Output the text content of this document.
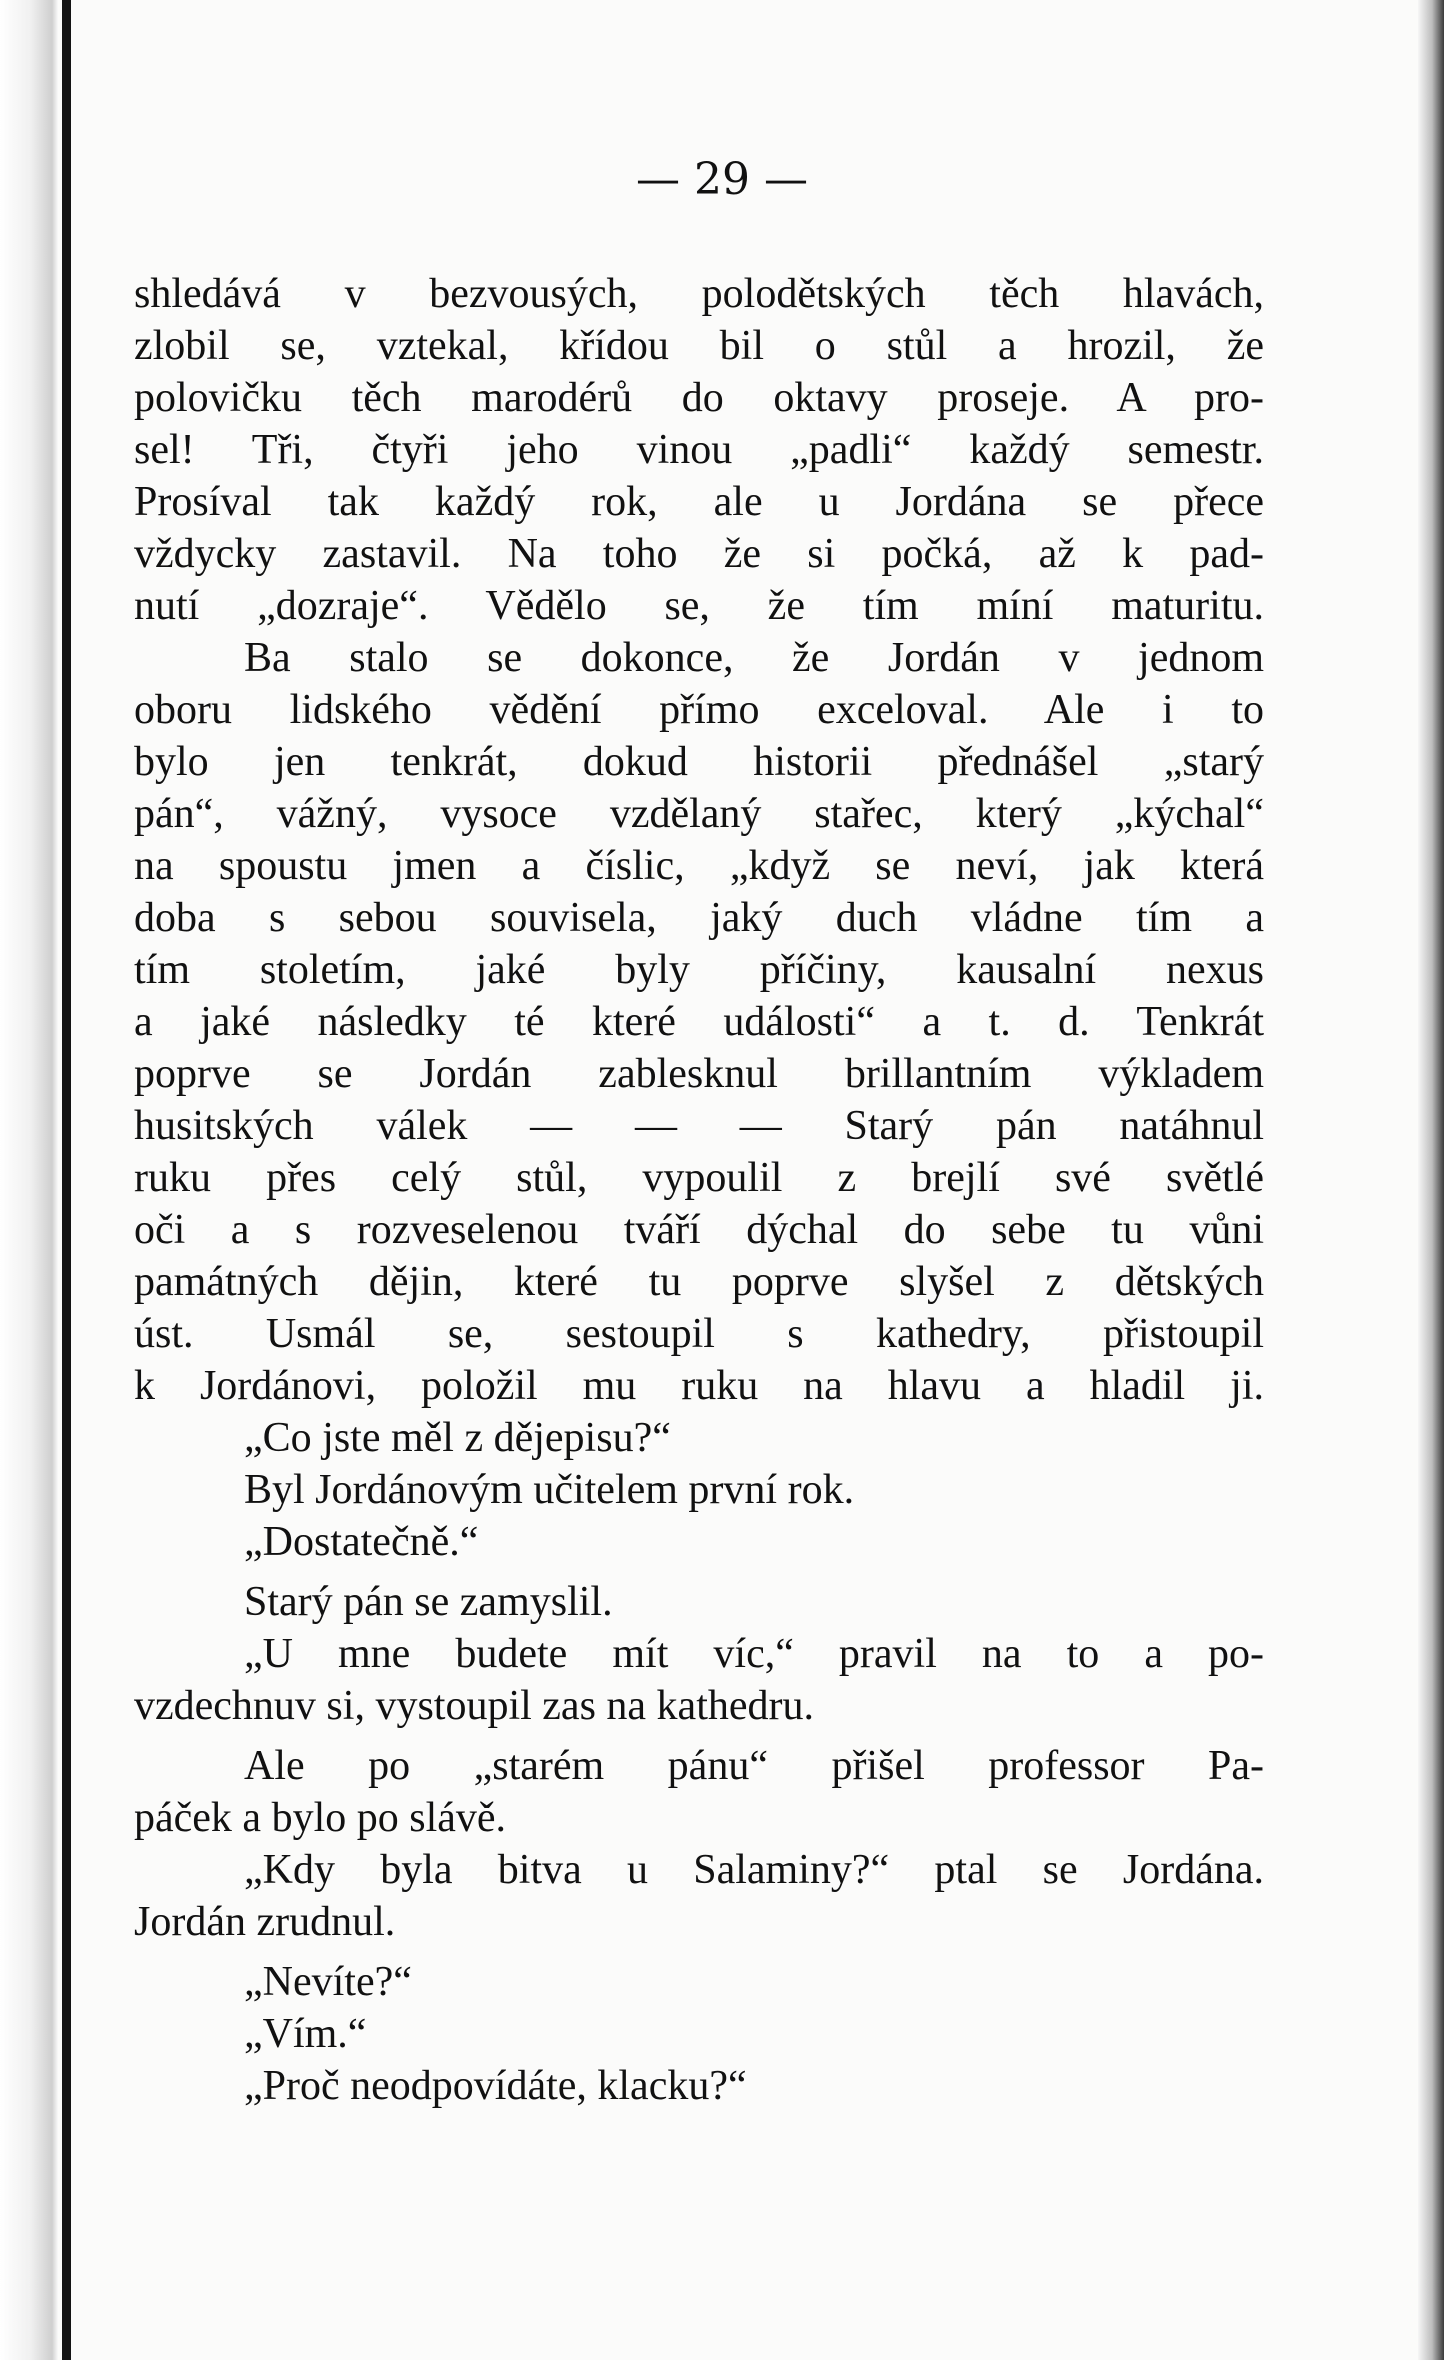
— 29 —
shledává v bezvousých, polodětských těch hlavách,
zlobil se, vztekal, křídou bil o stůl a hrozil, že
polovičku těch marodérů do oktavy proseje. A pro-
sel! Tři, čtyři jeho vinou „padli“ každý semestr.
Prosíval tak každý rok, ale u Jordána se přece
vždycky zastavil. Na toho že si počká, až k pad-
nutí „dozraje“. Vědělo se, že tím míní maturitu.
Ba stalo se dokonce, že Jordán v jednom
oboru lidského vědění přímo exceloval. Ale i to
bylo jen tenkrát, dokud historii přednášel „starý
pán“, vážný, vysoce vzdělaný stařec, který „kýchal“
na spoustu jmen a číslic, „když se neví, jak která
doba s sebou souvisela, jaký duch vládne tím a
tím stoletím, jaké byly příčiny, kausalní nexus
a jaké následky té které události“ a t. d. Tenkrát
poprve se Jordán zablesknul brillantním výkladem
husitských válek — — — Starý pán natáhnul
ruku přes celý stůl, vypoulil z brejlí své světlé
oči a s rozveselenou tváří dýchal do sebe tu vůni
památných dějin, které tu poprve slyšel z dětských
úst. Usmál se, sestoupil s kathedry, přistoupil
k Jordánovi, položil mu ruku na hlavu a hladil ji.
„Co jste měl z dějepisu?“
Byl Jordánovým učitelem první rok.
„Dostatečně.“
Starý pán se zamyslil.
„U mne budete mít víc,“ pravil na to a po-
vzdechnuv si, vystoupil zas na kathedru.
Ale po „starém pánu“ přišel professor Pa-
páček a bylo po slávě.
„Kdy byla bitva u Salaminy?“ ptal se Jordána.
Jordán zrudnul.
„Nevíte?“
„Vím.“
„Proč neodpovídáte, klacku?“
